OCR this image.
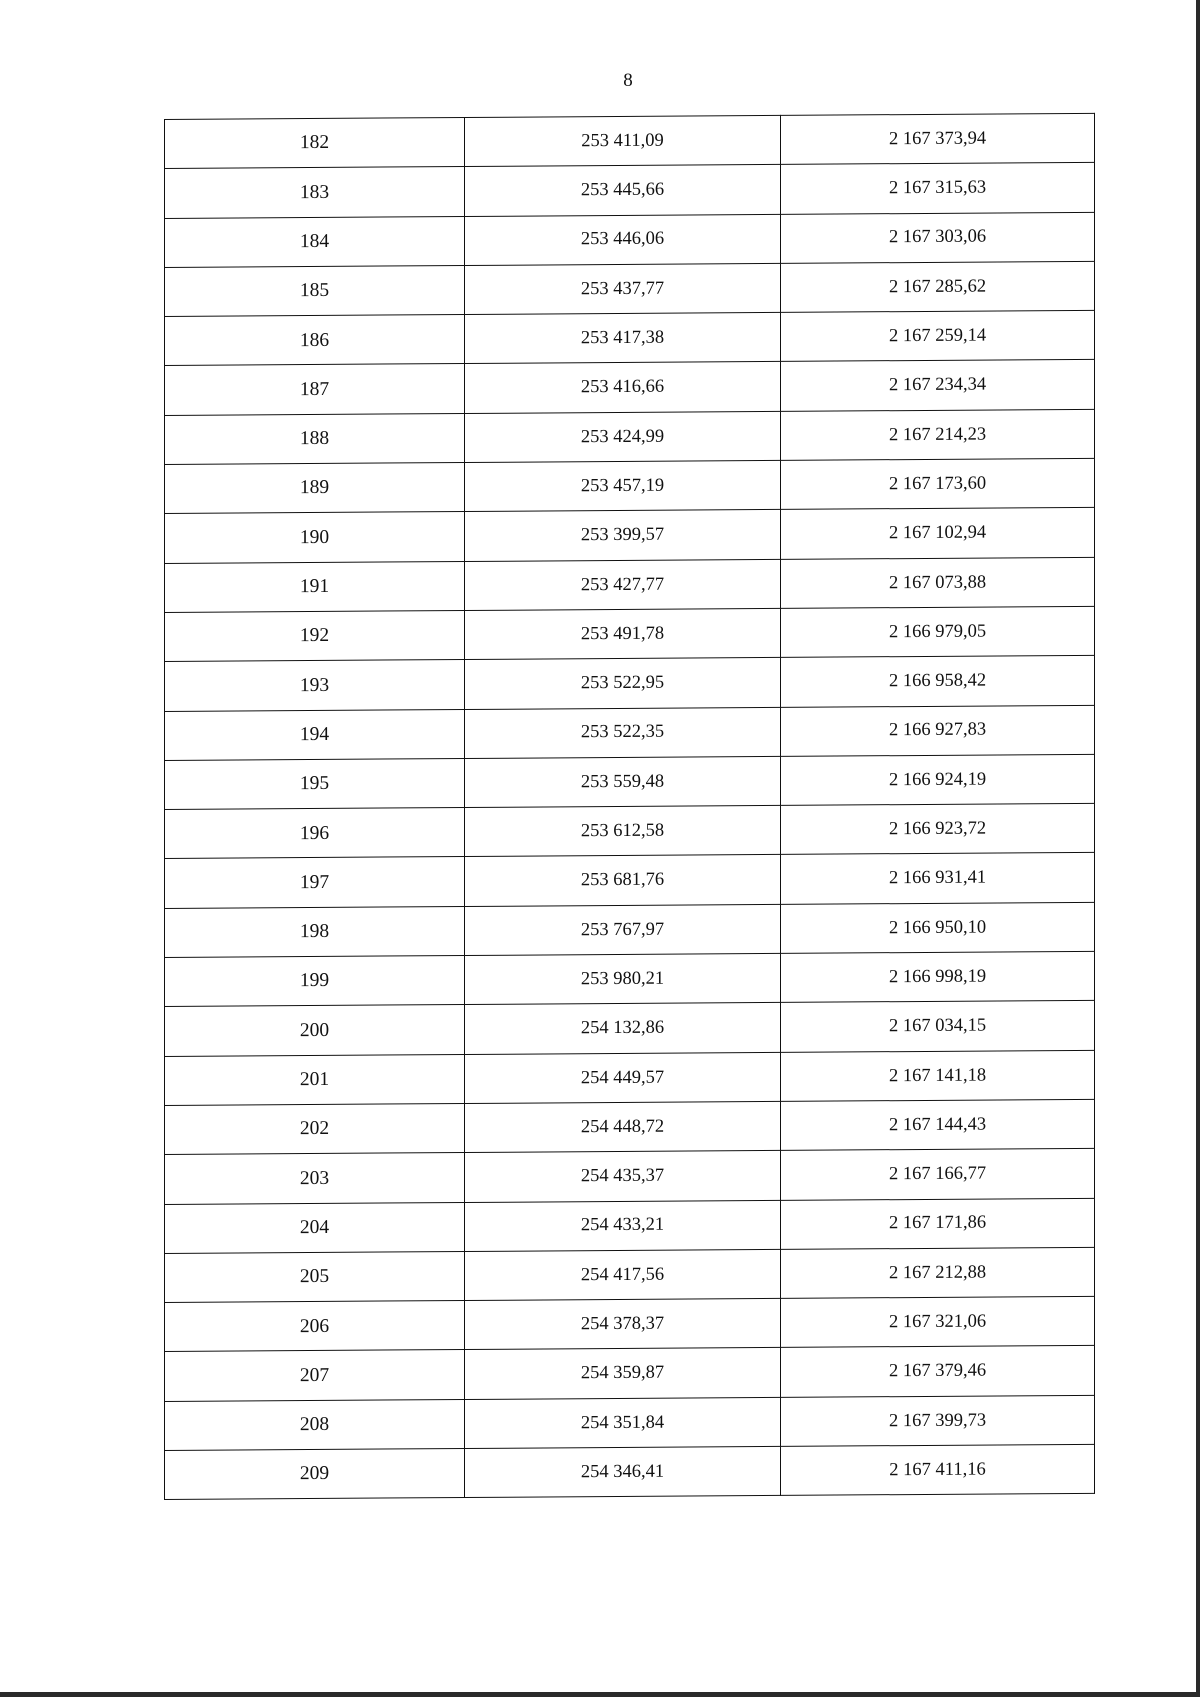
8
182	253 411,09	2 167 373,94
183	253 445,66	2 167 315,63
184	253 446,06	2 167 303,06
185	253 437,77	2 167 285,62
186	253 417,38	2 167 259,14
187	253 416,66	2 167 234,34
188	253 424,99	2 167 214,23
189	253 457,19	2 167 173,60
190	253 399,57	2 167 102,94
191	253 427,77	2 167 073,88
192	253 491,78	2 166 979,05
193	253 522,95	2 166 958,42
194	253 522,35	2 166 927,83
195	253 559,48	2 166 924,19
196	253 612,58	2 166 923,72
197	253 681,76	2 166 931,41
198	253 767,97	2 166 950,10
199	253 980,21	2 166 998,19
200	254 132,86	2 167 034,15
201	254 449,57	2 167 141,18
202	254 448,72	2 167 144,43
203	254 435,37	2 167 166,77
204	254 433,21	2 167 171,86
205	254 417,56	2 167 212,88
206	254 378,37	2 167 321,06
207	254 359,87	2 167 379,46
208	254 351,84	2 167 399,73
209	254 346,41	2 167 411,16
